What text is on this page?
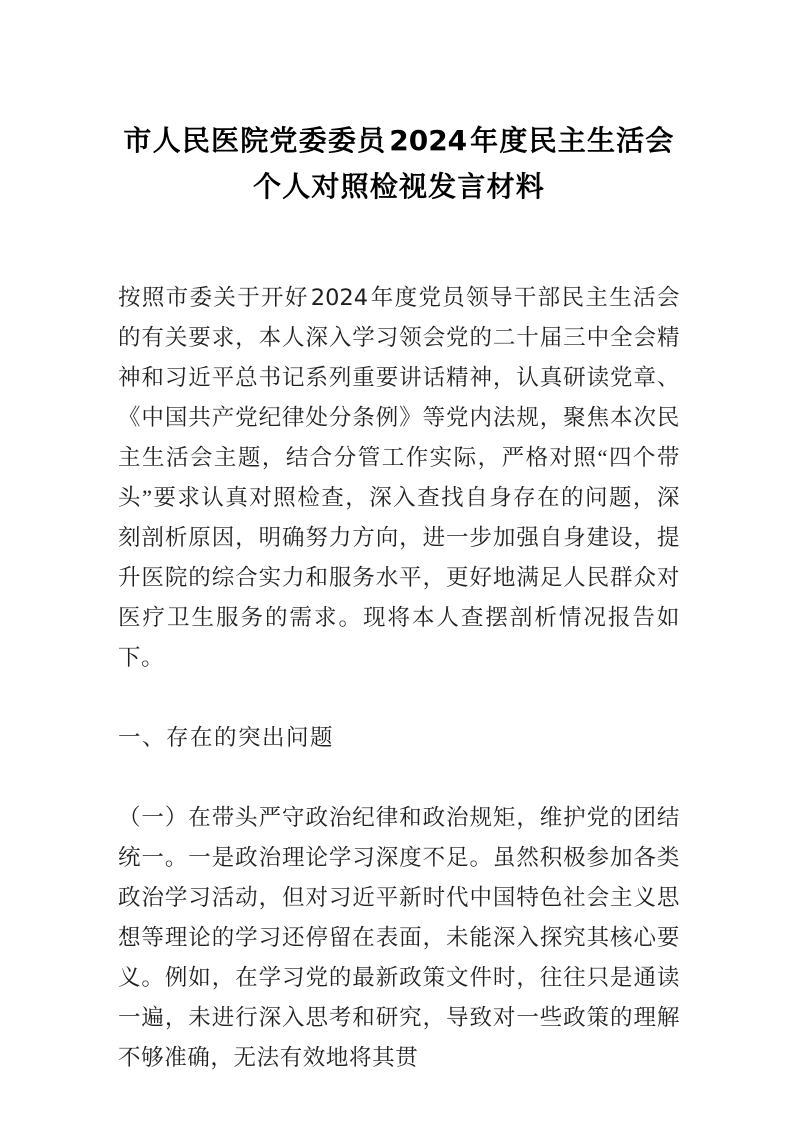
市人民医院党委委员 2024 年度民主生活会
个人对照检视发言材料

按照市委关于开好2024年度党员领导干部民主生活会的有关要求，本人深入学习领会党的二十届三中全会精神和习近平总书记系列重要讲话精神，认真研读党章、《中国共产党纪律处分条例》等党内法规，聚焦本次民主生活会主题，结合分管工作实际，严格对照“四个带头”要求认真对照检查，深入查找自身存在的问题，深刻剖析原因，明确努力方向，进一步加强自身建设，提升医院的综合实力和服务水平，更好地满足人民群众对医疗卫生服务的需求。现将本人查摆剖析情况报告如下。

一、存在的突出问题

（一）在带头严守政治纪律和政治规矩，维护党的团结统一。一是政治理论学习深度不足。虽然积极参加各类政治学习活动，但对习近平新时代中国特色社会主义思想等理论的学习还停留在表面，未能深入探究其核心要义。例如，在学习党的最新政策文件时，往往只是通读一遍，未进行深入思考和研究，导致对一些政策的理解不够准确，无法有效地将其贯
